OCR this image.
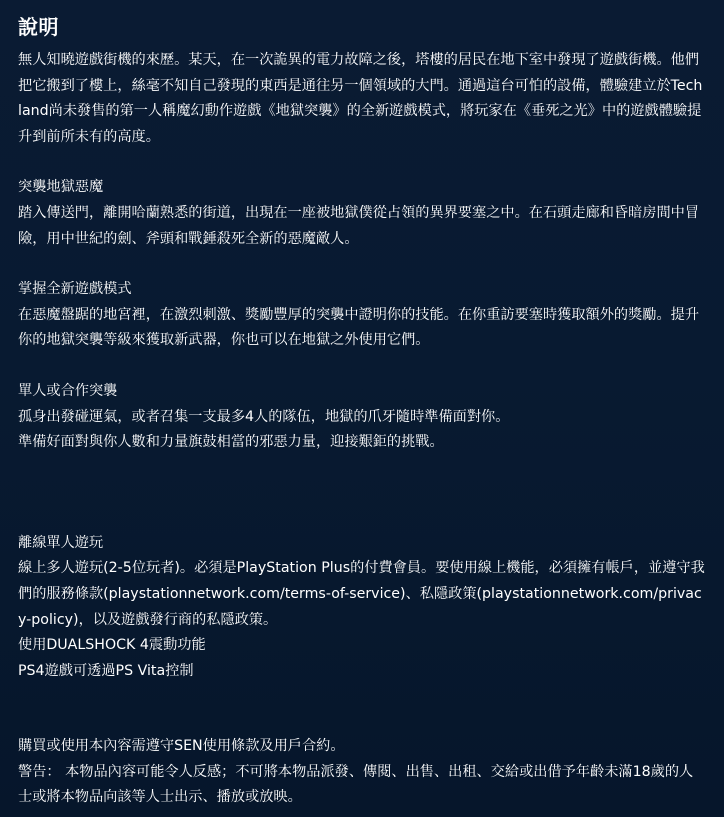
說明

無人知曉遊戲街機的來歷。某天，在一次詭異的電力故障之後，塔樓的居民在地下室中發現了遊戲街機。他們把它搬到了樓上，絲毫不知自己發現的東西是通往另一個領域的大門。通過這台可怕的設備，體驗建立於Techland尚未發售的第一人稱魔幻動作遊戲《地獄突襲》的全新遊戲模式，將玩家在《垂死之光》中的遊戲體驗提升到前所未有的高度。

突襲地獄惡魔

踏入傳送門，離開哈蘭熟悉的街道，出現在一座被地獄僕從占領的異界要塞之中。在石頭走廊和昏暗房間中冒險，用中世紀的劍、斧頭和戰錘殺死全新的惡魔敵人。

掌握全新遊戲模式

在惡魔盤踞的地宮裡，在激烈刺激、獎勵豐厚的突襲中證明你的技能。在你重訪要塞時獲取額外的獎勵。提升你的地獄突襲等級來獲取新武器，你也可以在地獄之外使用它們。

單人或合作突襲

孤身出發碰運氣，或者召集一支最多4人的隊伍，地獄的爪牙隨時準備面對你。

準備好面對與你人數和力量旗鼓相當的邪惡力量，迎接艱鉅的挑戰。

離線單人遊玩

線上多人遊玩(2-5位玩者)。必須是PlayStation Plus的付費會員。要使用線上機能，必須擁有帳戶，並遵守我們的服務條款(playstationnetwork.com/terms-of-service)、私隱政策(playstationnetwork.com/privacy-policy)，以及遊戲發行商的私隱政策。

使用DUALSHOCK 4震動功能

PS4遊戲可透過PS Vita控制

購買或使用本內容需遵守SEN使用條款及用戶合約。

警告： 本物品內容可能令人反感；不可將本物品派發、傳閱、出售、出租、交給或出借予年齡未滿18歲的人士或將本物品向該等人士出示、播放或放映。
